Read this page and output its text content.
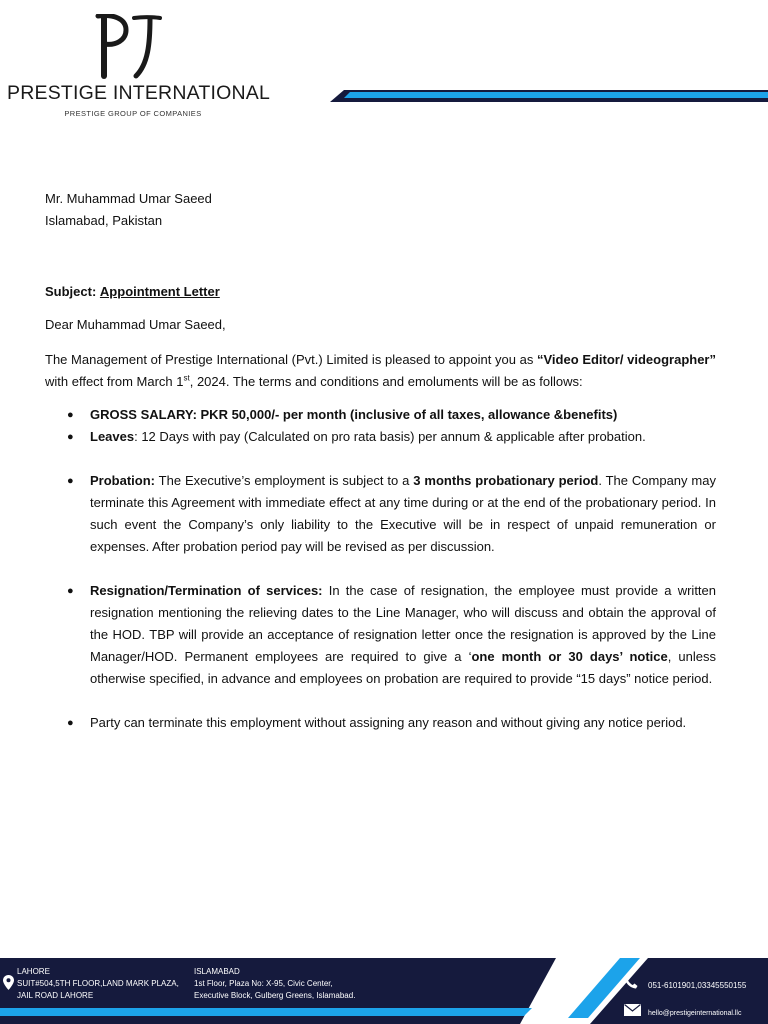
PRESTIGE INTERNATIONAL
PRESTIGE GROUP OF COMPANIES
Mr. Muhammad Umar Saeed
Islamabad, Pakistan
Subject: Appointment Letter
Dear Muhammad Umar Saeed,
The Management of Prestige International (Pvt.) Limited is pleased to appoint you as “Video Editor/ videographer” with effect from March 1st, 2024. The terms and conditions and emoluments will be as follows:
● GROSS SALARY: PKR 50,000/- per month (inclusive of all taxes, allowance &benefits)
● Leaves: 12 Days with pay (Calculated on pro rata basis) per annum & applicable after probation.
● Probation: The Executive’s employment is subject to a 3 months probationary period. The Company may terminate this Agreement with immediate effect at any time during or at the end of the probationary period. In such event the Company’s only liability to the Executive will be in respect of unpaid remuneration or expenses. After probation period pay will be revised as per discussion.
● Resignation/Termination of services: In the case of resignation, the employee must provide a written resignation mentioning the relieving dates to the Line Manager, who will discuss and obtain the approval of the HOD. TBP will provide an acceptance of resignation letter once the resignation is approved by the Line Manager/HOD. Permanent employees are required to give a ‘one month or 30 days’ notice, unless otherwise specified, in advance and employees on probation are required to provide “15 days” notice period.
● Party can terminate this employment without assigning any reason and without giving any notice period.
LAHORE
SUIT#504,5TH FLOOR,LAND MARK PLAZA,
JAIL ROAD LAHORE
ISLAMABAD
1st Floor, Plaza No: X-95, Civic Center,
Executive Block, Gulberg Greens, Islamabad.
051-6101901,03345550155
hello@prestigeinternational.llc
